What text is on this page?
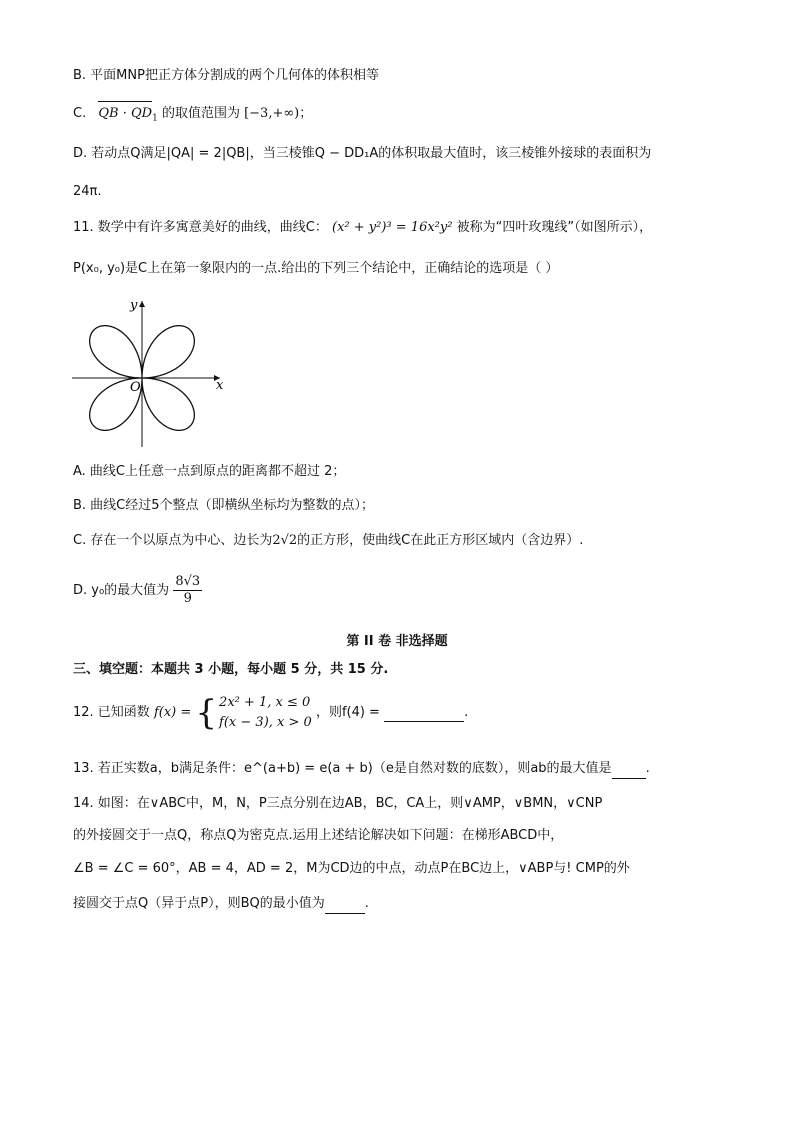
B. 平面MNP把正方体分割成的两个几何体的体积相等
C. QB · $QD_1$ 的取值范围为 [−3,+∞)；
D. 若动点Q满足|QA| = 2|QB|，当三棱锥Q − DD₁A的体积取最大值时，该三棱锥外接球的表面积为
24π.
11. 数学中有许多寓意美好的曲线，曲线C： (x² + y²)³ = 16x²y² 被称为“四叶玫瑰线”（如图所示），
P(x₀, y₀)是C上在第一象限内的一点.给出的下列三个结论中，正确结论的选项是（ ）
x
y
O
A. 曲线C上任意一点到原点的距离都不超过 2；
B. 曲线C经过5个整点（即横纵坐标均为整数的点）；
C. 存在一个以原点为中心、边长为2√2的正方形，使曲线C在此正方形区域内（含边界）.
D. y₀的最大值为 $\frac{8√3}{9}$
第 II 卷 非选择题
三、填空题：本题共 3 小题，每小题 5 分，共 15 分.
12. 已知函数 f(x) = { 2x² + 1, x ≤ 0
f(x − 3), x > 0
，则f(4) =	.
13. 若正实数a，b满足条件：e^(a+b) = e(a + b)（e是自然对数的底数），则ab的最大值是	.
14. 如图：在∨ABC中，M，N，P三点分别在边AB，BC，CA上，则∨AMP，∨BMN，∨CNP
的外接圆交于一点Q，称点Q为密克点.运用上述结论解决如下问题：在梯形ABCD中，
∠B = ∠C = 60°，AB = 4，AD = 2，M为CD边的中点，动点P在BC边上，∨ABP与! CMP的外
接圆交于点Q（异于点P），则BQ的最小值为	.
